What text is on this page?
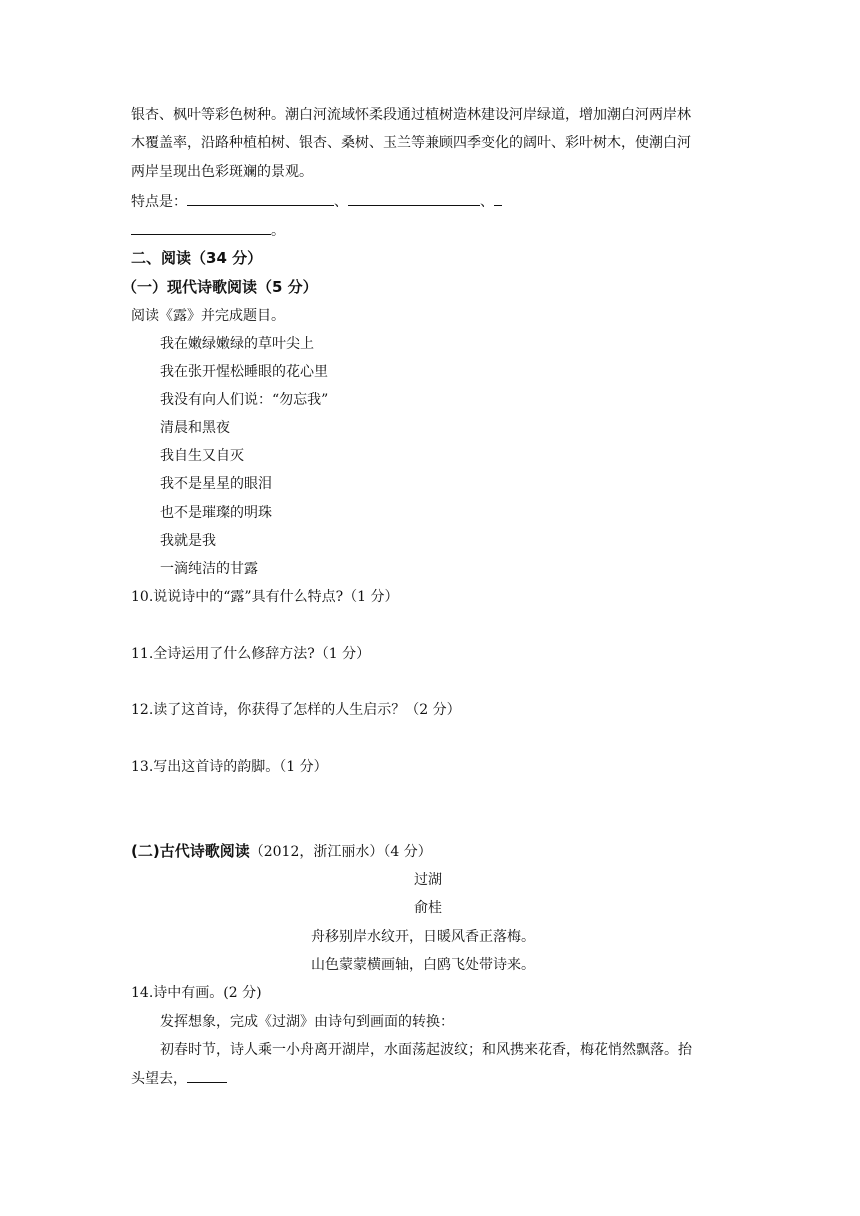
银杏、枫叶等彩色树种。潮白河流域怀柔段通过植树造林建设河岸绿道，增加潮白河两岸林
木覆盖率，沿路种植柏树、银杏、桑树、玉兰等兼顾四季变化的阔叶、彩叶树木，使潮白河
两岸呈现出色彩斑斓的景观。
特点是：	、	、
。
二、阅读（34 分）
（一）现代诗歌阅读（5 分）
阅读《露》并完成题目。
我在嫩绿嫩绿的草叶尖上
我在张开惺松睡眼的花心里
我没有向人们说：“勿忘我”
清晨和黑夜
我自生又自灭
我不是星星的眼泪
也不是璀璨的明珠
我就是我
一滴纯洁的甘露
10.说说诗中的“露”具有什么特点?（1 分）
11.全诗运用了什么修辞方法?（1 分）
12.读了这首诗，你获得了怎样的人生启示？（2 分）
13.写出这首诗的韵脚。（1 分）
(二)古代诗歌阅读（2012，浙江丽水）（4 分）
过湖
俞桂
舟移别岸水纹开，日暖风香正落梅。
山色蒙蒙横画轴，白鸥飞处带诗来。
14.诗中有画。(2 分)
发挥想象，完成《过湖》由诗句到画面的转换：
初春时节，诗人乘一小舟离开湖岸，水面荡起波纹；和风携来花香，梅花悄然飘落。抬
头望去，
